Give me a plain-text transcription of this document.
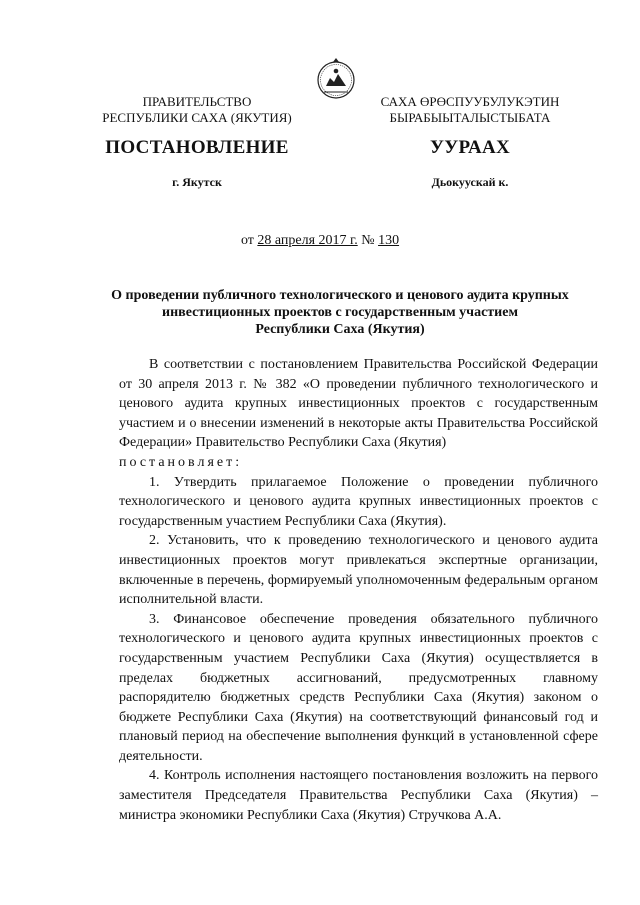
ПРАВИТЕЛЬСТВО
РЕСПУБЛИКИ САХА (ЯКУТИЯ)
ПОСТАНОВЛЕНИЕ
г. Якутск
САХА ӨРӨСПУУБУЛУКЭТИН
БЫРАБЫЫТАЛЫСТЫБАТА
УУРААХ
Дьокуускай к.
от 28 апреля 2017 г. № 130
О проведении публичного технологического и ценового аудита крупных
инвестиционных проектов с государственным участием
Республики Саха (Якутия)

В соответствии с постановлением Правительства Российской Федерации от 30 апреля 2013 г. № 382 «О проведении публичного технологического и ценового аудита крупных инвестиционных проектов с государственным участием и о внесении изменений в некоторые акты Правительства Российской Федерации» Правительство Республики Саха (Якутия)

постановляет:

1. Утвердить прилагаемое Положение о проведении публичного технологического и ценового аудита крупных инвестиционных проектов с государственным участием Республики Саха (Якутия).

2. Установить, что к проведению технологического и ценового аудита инвестиционных проектов могут привлекаться экспертные организации, включенные в перечень, формируемый уполномоченным федеральным органом исполнительной власти.

3. Финансовое обеспечение проведения обязательного публичного технологического и ценового аудита крупных инвестиционных проектов с государственным участием Республики Саха (Якутия) осуществляется в пределах бюджетных ассигнований, предусмотренных главному распорядителю бюджетных средств Республики Саха (Якутия) законом о бюджете Республики Саха (Якутия) на соответствующий финансовый год и плановый период на обеспечение выполнения функций в установленной сфере деятельности.

4. Контроль исполнения настоящего постановления возложить на первого заместителя Председателя Правительства Республики Саха (Якутия) – министра экономики Республики Саха (Якутия) Стручкова А.А.
